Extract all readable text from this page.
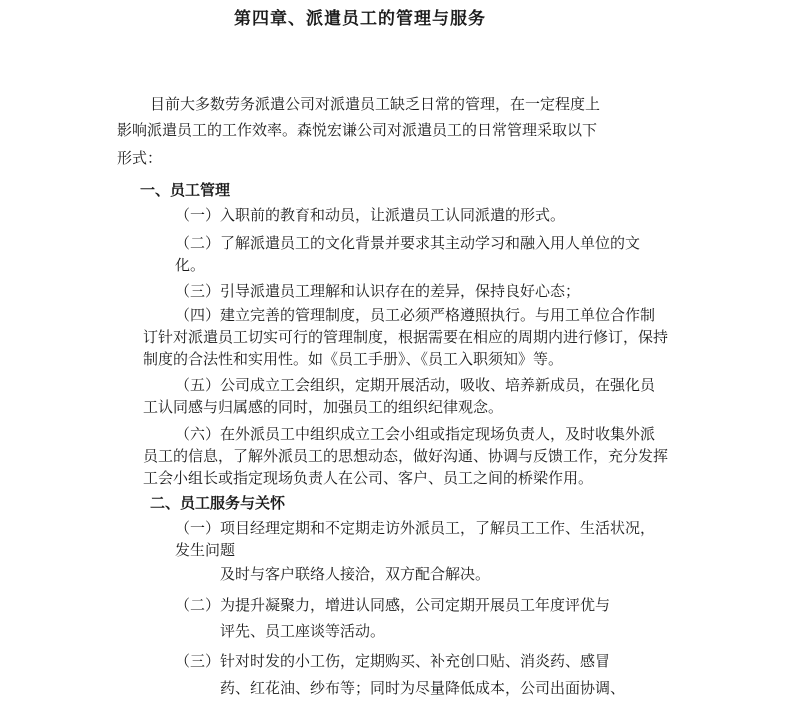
第四章、派遣员工的管理与服务
目前大多数劳务派遣公司对派遣员工缺乏日常的管理，在一定程度上
影响派遣员工的工作效率。森悦宏谦公司对派遣员工的日常管理采取以下
形式：
一、员工管理
（一）入职前的教育和动员，让派遣员工认同派遣的形式。
（二）了解派遣员工的文化背景并要求其主动学习和融入用人单位的文
化。
（三）引导派遣员工理解和认识存在的差异，保持良好心态；
（四）建立完善的管理制度，员工必须严格遵照执行。与用工单位合作制
订针对派遣员工切实可行的管理制度，根据需要在相应的周期内进行修订，保持
制度的合法性和实用性。如《员工手册》、《员工入职须知》等。
（五）公司成立工会组织，定期开展活动，吸收、培养新成员，在强化员
工认同感与归属感的同时，加强员工的组织纪律观念。
（六）在外派员工中组织成立工会小组或指定现场负责人，及时收集外派
员工的信息，了解外派员工的思想动态，做好沟通、协调与反馈工作，充分发挥
工会小组长或指定现场负责人在公司、客户、员工之间的桥梁作用。
二、员工服务与关怀
（一）项目经理定期和不定期走访外派员工，了解员工工作、生活状况，
发生问题
及时与客户联络人接洽，双方配合解决。
（二）为提升凝聚力，增进认同感，公司定期开展员工年度评优与
评先、员工座谈等活动。
（三）针对时发的小工伤，定期购买、补充创口贴、消炎药、感冒
药、红花油、纱布等；同时为尽量降低成本，公司出面协调、
